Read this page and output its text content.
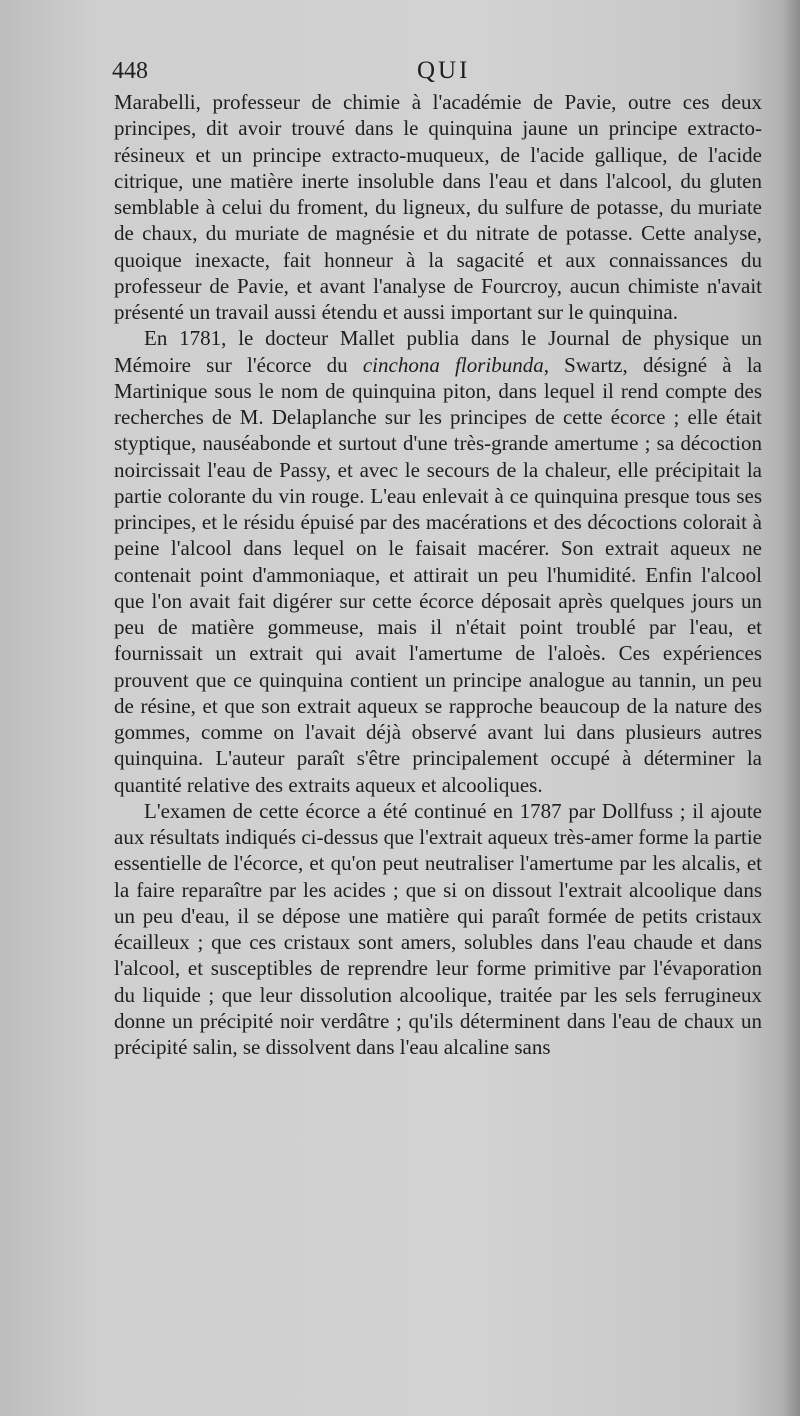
448	QUI

Marabelli, professeur de chimie à l'académie de Pavie, outre ces deux principes, dit avoir trouvé dans le quinquina jaune un principe extracto-résineux et un principe extracto-muqueux, de l'acide gallique, de l'acide citrique, une matière inerte insoluble dans l'eau et dans l'alcool, du gluten semblable à celui du froment, du ligneux, du sulfure de potasse, du muriate de chaux, du muriate de magnésie et du nitrate de potasse. Cette analyse, quoique inexacte, fait honneur à la sagacité et aux connaissances du professeur de Pavie, et avant l'analyse de Fourcroy, aucun chimiste n'avait présenté un travail aussi étendu et aussi important sur le quinquina.

En 1781, le docteur Mallet publia dans le Journal de physique un Mémoire sur l'écorce du cinchona floribunda, Swartz, désigné à la Martinique sous le nom de quinquina piton, dans lequel il rend compte des recherches de M. Delaplanche sur les principes de cette écorce ; elle était styptique, nauséabonde et surtout d'une très-grande amertume ; sa décoction noircissait l'eau de Passy, et avec le secours de la chaleur, elle précipitait la partie colorante du vin rouge. L'eau enlevait à ce quinquina presque tous ses principes, et le résidu épuisé par des macérations et des décoctions colorait à peine l'alcool dans lequel on le faisait macérer. Son extrait aqueux ne contenait point d'ammoniaque, et attirait un peu l'humidité. Enfin l'alcool que l'on avait fait digérer sur cette écorce déposait après quelques jours un peu de matière gommeuse, mais il n'était point troublé par l'eau, et fournissait un extrait qui avait l'amertume de l'aloès. Ces expériences prouvent que ce quinquina contient un principe analogue au tannin, un peu de résine, et que son extrait aqueux se rapproche beaucoup de la nature des gommes, comme on l'avait déjà observé avant lui dans plusieurs autres quinquina. L'auteur paraît s'être principalement occupé à déterminer la quantité relative des extraits aqueux et alcooliques.

L'examen de cette écorce a été continué en 1787 par Dollfuss ; il ajoute aux résultats indiqués ci-dessus que l'extrait aqueux très-amer forme la partie essentielle de l'écorce, et qu'on peut neutraliser l'amertume par les alcalis, et la faire reparaître par les acides ; que si on dissout l'extrait alcoolique dans un peu d'eau, il se dépose une matière qui paraît formée de petits cristaux écailleux ; que ces cristaux sont amers, solubles dans l'eau chaude et dans l'alcool, et susceptibles de reprendre leur forme primitive par l'évaporation du liquide ; que leur dissolution alcoolique, traitée par les sels ferrugineux donne un précipité noir verdâtre ; qu'ils déterminent dans l'eau de chaux un précipité salin, se dissolvent dans l'eau alcaline sans
